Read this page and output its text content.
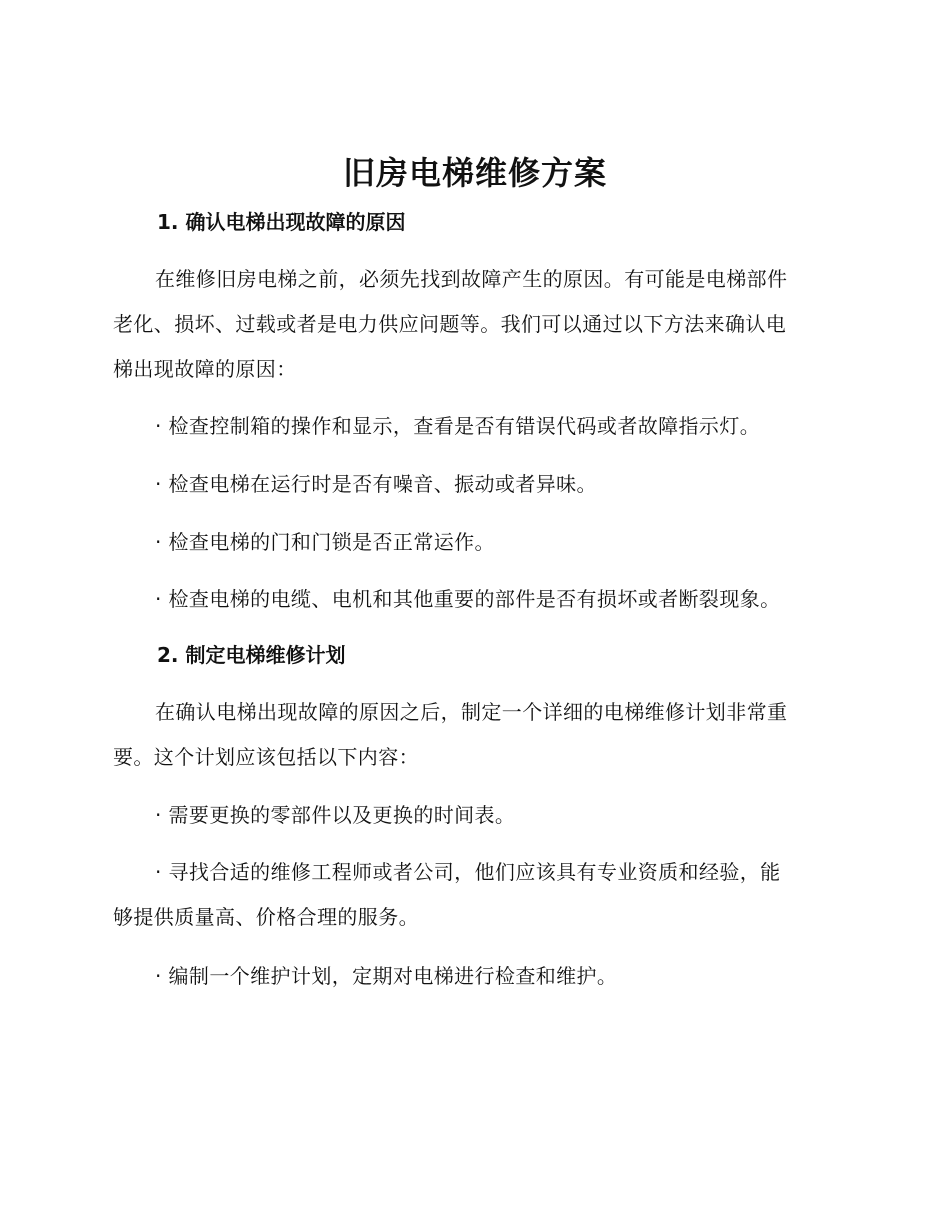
旧房电梯维修方案
1. 确认电梯出现故障的原因
在维修旧房电梯之前，必须先找到故障产生的原因。有可能是电梯部件
老化、损坏、过载或者是电力供应问题等。我们可以通过以下方法来确认电
梯出现故障的原因：

· 检查控制箱的操作和显示，查看是否有错误代码或者故障指示灯。

· 检查电梯在运行时是否有噪音、振动或者异味。

· 检查电梯的门和门锁是否正常运作。

· 检查电梯的电缆、电机和其他重要的部件是否有损坏或者断裂现象。

2. 制定电梯维修计划
在确认电梯出现故障的原因之后，制定一个详细的电梯维修计划非常重
要。这个计划应该包括以下内容：

· 需要更换的零部件以及更换的时间表。

· 寻找合适的维修工程师或者公司，他们应该具有专业资质和经验，能
够提供质量高、价格合理的服务。

· 编制一个维护计划，定期对电梯进行检查和维护。
